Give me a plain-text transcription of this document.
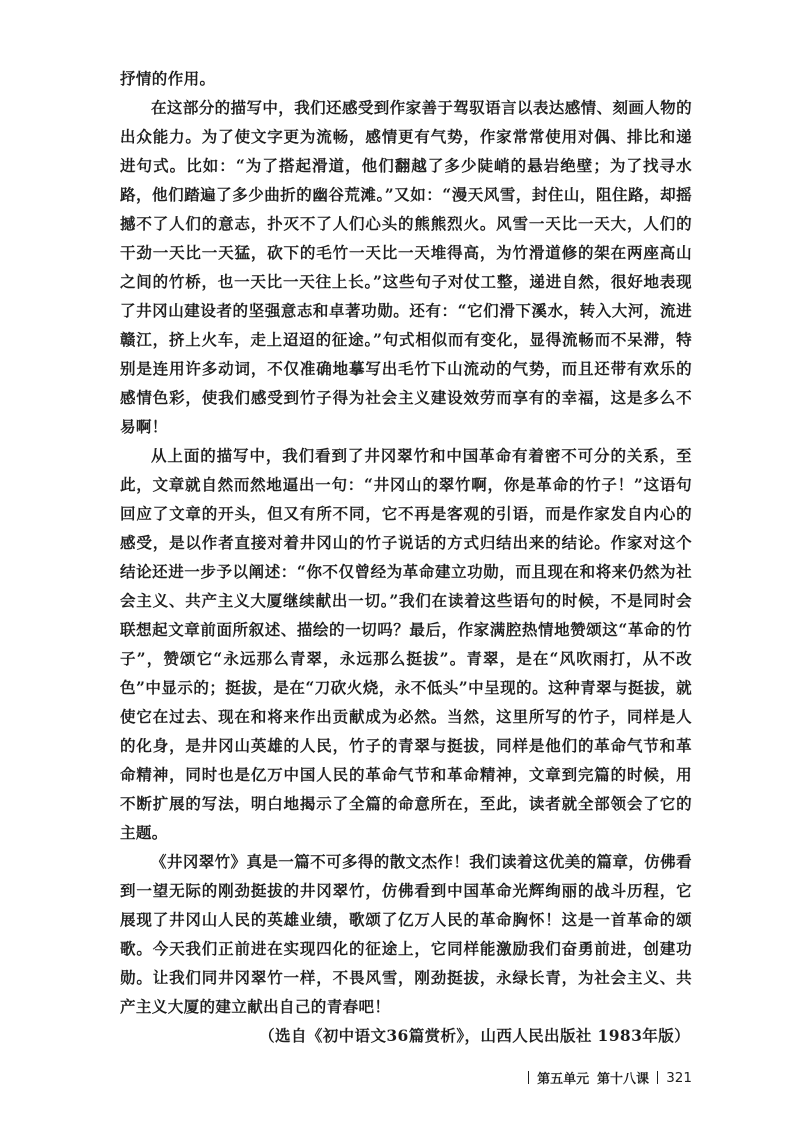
抒情的作用。

在这部分的描写中，我们还感受到作家善于驾驭语言以表达感情、刻画人物的出众能力。为了使文字更为流畅，感情更有气势，作家常常使用对偶、排比和递进句式。比如：“为了搭起滑道，他们翻越了多少陡峭的悬岩绝壁；为了找寻水路，他们踏遍了多少曲折的幽谷荒滩。”又如：“漫天风雪，封住山，阻住路，却摇撼不了人们的意志，扑灭不了人们心头的熊熊烈火。风雪一天比一天大，人们的干劲一天比一天猛，砍下的毛竹一天比一天堆得高，为竹滑道修的架在两座高山之间的竹桥，也一天比一天往上长。”这些句子对仗工整，递进自然，很好地表现了井冈山建设者的坚强意志和卓著功勋。还有：“它们滑下溪水，转入大河，流进赣江，挤上火车，走上迢迢的征途。”句式相似而有变化，显得流畅而不呆滞，特别是连用许多动词，不仅准确地摹写出毛竹下山流动的气势，而且还带有欢乐的感情色彩，使我们感受到竹子得为社会主义建设效劳而享有的幸福，这是多么不易啊！

从上面的描写中，我们看到了井冈翠竹和中国革命有着密不可分的关系，至此，文章就自然而然地逼出一句：“井冈山的翠竹啊，你是革命的竹子！”这语句回应了文章的开头，但又有所不同，它不再是客观的引语，而是作家发自内心的感受，是以作者直接对着井冈山的竹子说话的方式归结出来的结论。作家对这个结论还进一步予以阐述：“你不仅曾经为革命建立功勋，而且现在和将来仍然为社会主义、共产主义大厦继续献出一切。”我们在读着这些语句的时候，不是同时会联想起文章前面所叙述、描绘的一切吗？最后，作家满腔热情地赞颂这“革命的竹子”，赞颂它“永远那么青翠，永远那么挺拔”。青翠，是在“风吹雨打，从不改色”中显示的；挺拔，是在“刀砍火烧，永不低头”中呈现的。这种青翠与挺拔，就使它在过去、现在和将来作出贡献成为必然。当然，这里所写的竹子，同样是人的化身，是井冈山英雄的人民，竹子的青翠与挺拔，同样是他们的革命气节和革命精神，同时也是亿万中国人民的革命气节和革命精神，文章到完篇的时候，用不断扩展的写法，明白地揭示了全篇的命意所在，至此，读者就全部领会了它的主题。

《井冈翠竹》真是一篇不可多得的散文杰作！我们读着这优美的篇章，仿佛看到一望无际的刚劲挺拔的井冈翠竹，仿佛看到中国革命光辉绚丽的战斗历程，它展现了井冈山人民的英雄业绩，歌颂了亿万人民的革命胸怀！这是一首革命的颂歌。今天我们正前进在实现四化的征途上，它同样能激励我们奋勇前进，创建功勋。让我们同井冈翠竹一样，不畏风雪，刚劲挺拔，永绿长青，为社会主义、共产主义大厦的建立献出自己的青春吧！

（选自《初中语文36篇赏析》，山西人民出版社 1983年版）

第五单元 第十八课 321
